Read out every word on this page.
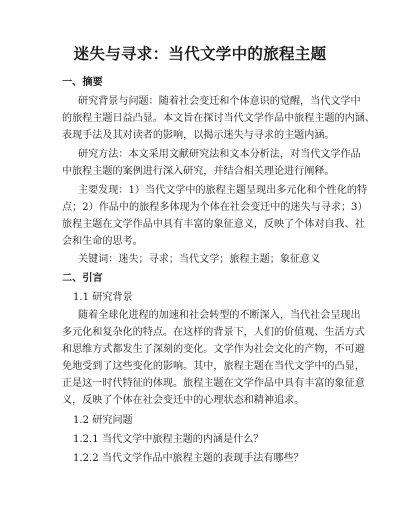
迷失与寻求：当代文学中的旅程主题
一、摘要
研究背景与问题：随着社会变迁和个体意识的觉醒，当代文学中
的旅程主题日益凸显。本文旨在探讨当代文学作品中旅程主题的内涵、
表现手法及其对读者的影响，以揭示迷失与寻求的主题内涵。
研究方法：本文采用文献研究法和文本分析法，对当代文学作品
中旅程主题的案例进行深入研究，并结合相关理论进行阐释。
主要发现：1）当代文学中的旅程主题呈现出多元化和个性化的特
点；2）作品中的旅程多体现为个体在社会变迁中的迷失与寻求；3）
旅程主题在文学作品中具有丰富的象征意义，反映了个体对自我、社
会和生命的思考。
关键词：迷失；寻求；当代文学；旅程主题；象征意义
二、引言
1.1 研究背景
随着全球化进程的加速和社会转型的不断深入，当代社会呈现出
多元化和复杂化的特点。在这样的背景下，人们的价值观、生活方式
和思维方式都发生了深刻的变化。文学作为社会文化的产物，不可避
免地受到了这些变化的影响。其中，旅程主题在当代文学中的凸显，
正是这一时代特征的体现。旅程主题在文学作品中具有丰富的象征意
义，反映了个体在社会变迁中的心理状态和精神追求。
1.2 研究问题
1.2.1 当代文学中旅程主题的内涵是什么？
1.2.2 当代文学作品中旅程主题的表现手法有哪些？
